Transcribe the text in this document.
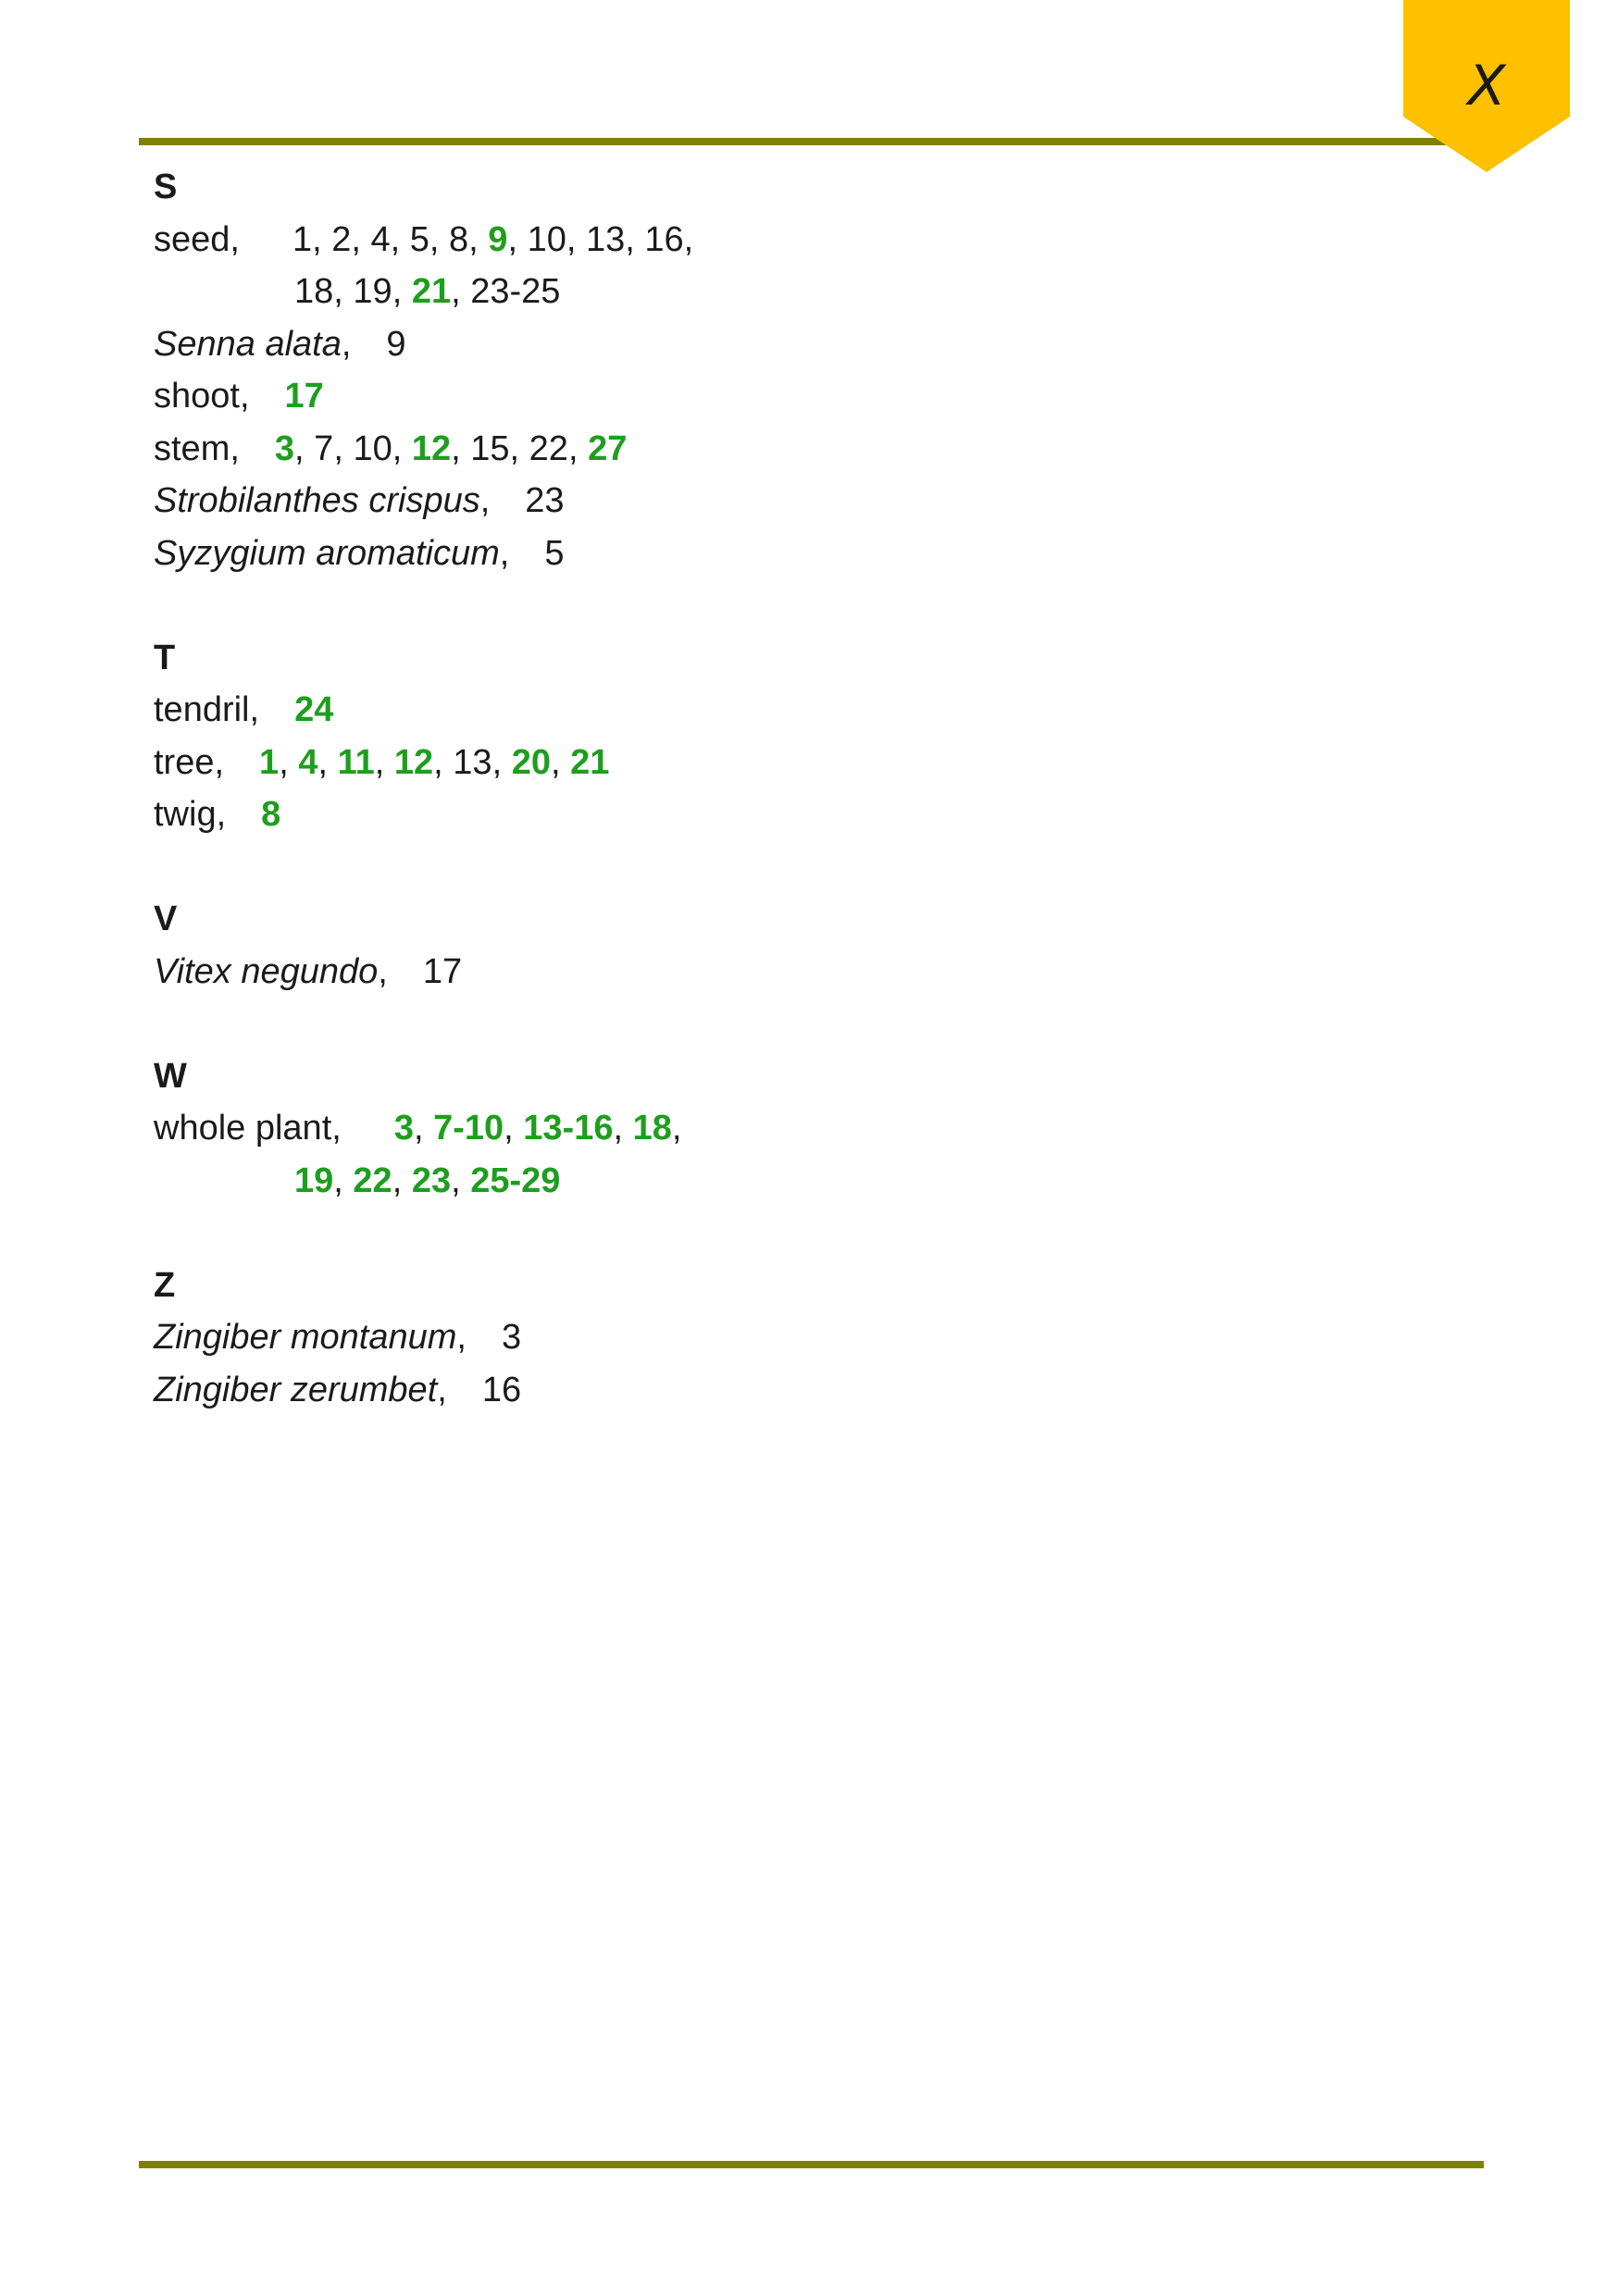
X
S
seed,   1, 2, 4, 5, 8, 9, 10, 13, 16,
18, 19, 21, 23-25
Senna alata,  9
shoot,  17
stem,  3, 7, 10, 12, 15, 22, 27
Strobilanthes crispus,  23
Syzygium aromaticum,  5
T
tendril,  24
tree,  1, 4, 11, 12, 13, 20, 21
twig,  8
V
Vitex negundo,  17
W
whole plant,   3, 7-10, 13-16, 18,
19, 22, 23, 25-29
Z
Zingiber montanum,  3
Zingiber zerumbet,  16
